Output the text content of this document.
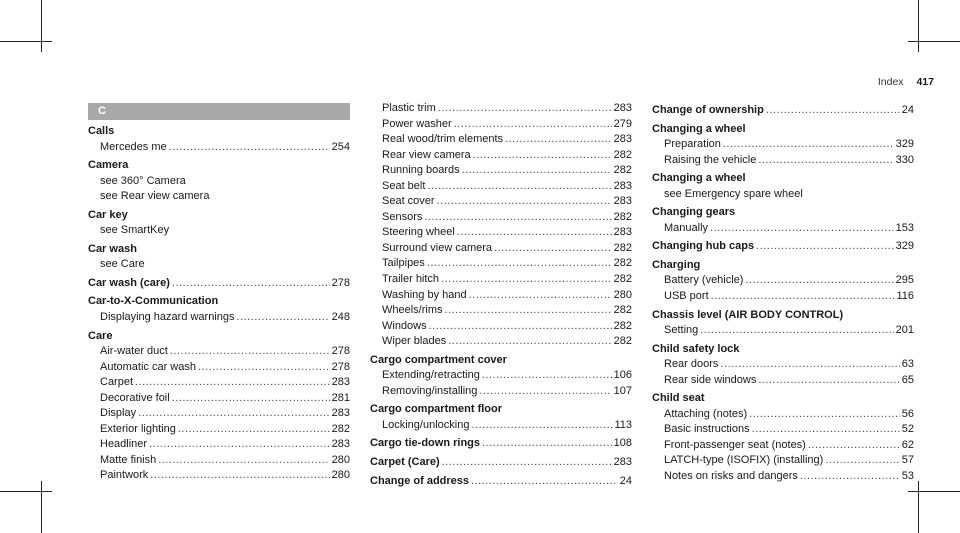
Index 417
C
Calls
Mercedes me .....	254
Camera
see 360° Camera
see Rear view camera
Car key
see SmartKey
Car wash
see Care
Car wash (care) .....	278
Car-to-X-Communication
Displaying hazard warnings .....	248
Care
Air-water duct .....	278
Automatic car wash .....	278
Carpet .....	283
Decorative foil .....	281
Display .....	283
Exterior lighting .....	282
Headliner .....	283
Matte finish .....	280
Paintwork .....	280
Plastic trim .....	283
Power washer .....	279
Real wood/trim elements .....	283
Rear view camera .....	282
Running boards .....	282
Seat belt .....	283
Seat cover .....	283
Sensors .....	282
Steering wheel .....	283
Surround view camera .....	282
Tailpipes .....	282
Trailer hitch .....	282
Washing by hand .....	280
Wheels/rims .....	282
Windows .....	282
Wiper blades .....	282
Cargo compartment cover
Extending/retracting .....	106
Removing/installing .....	107
Cargo compartment floor
Locking/unlocking .....	113
Cargo tie-down rings .....	108
Carpet (Care) .....	283
Change of address .....	24
Change of ownership .....	24
Changing a wheel
Preparation .....	329
Raising the vehicle .....	330
Changing a wheel
see Emergency spare wheel
Changing gears
Manually .....	153
Changing hub caps .....	329
Charging
Battery (vehicle) .....	295
USB port .....	116
Chassis level (AIR BODY CONTROL)
Setting .....	201
Child safety lock
Rear doors .....	63
Rear side windows .....	65
Child seat
Attaching (notes) .....	56
Basic instructions .....	52
Front-passenger seat (notes) .....	62
LATCH-type (ISOFIX) (installing) .....	57
Notes on risks and dangers .....	53
